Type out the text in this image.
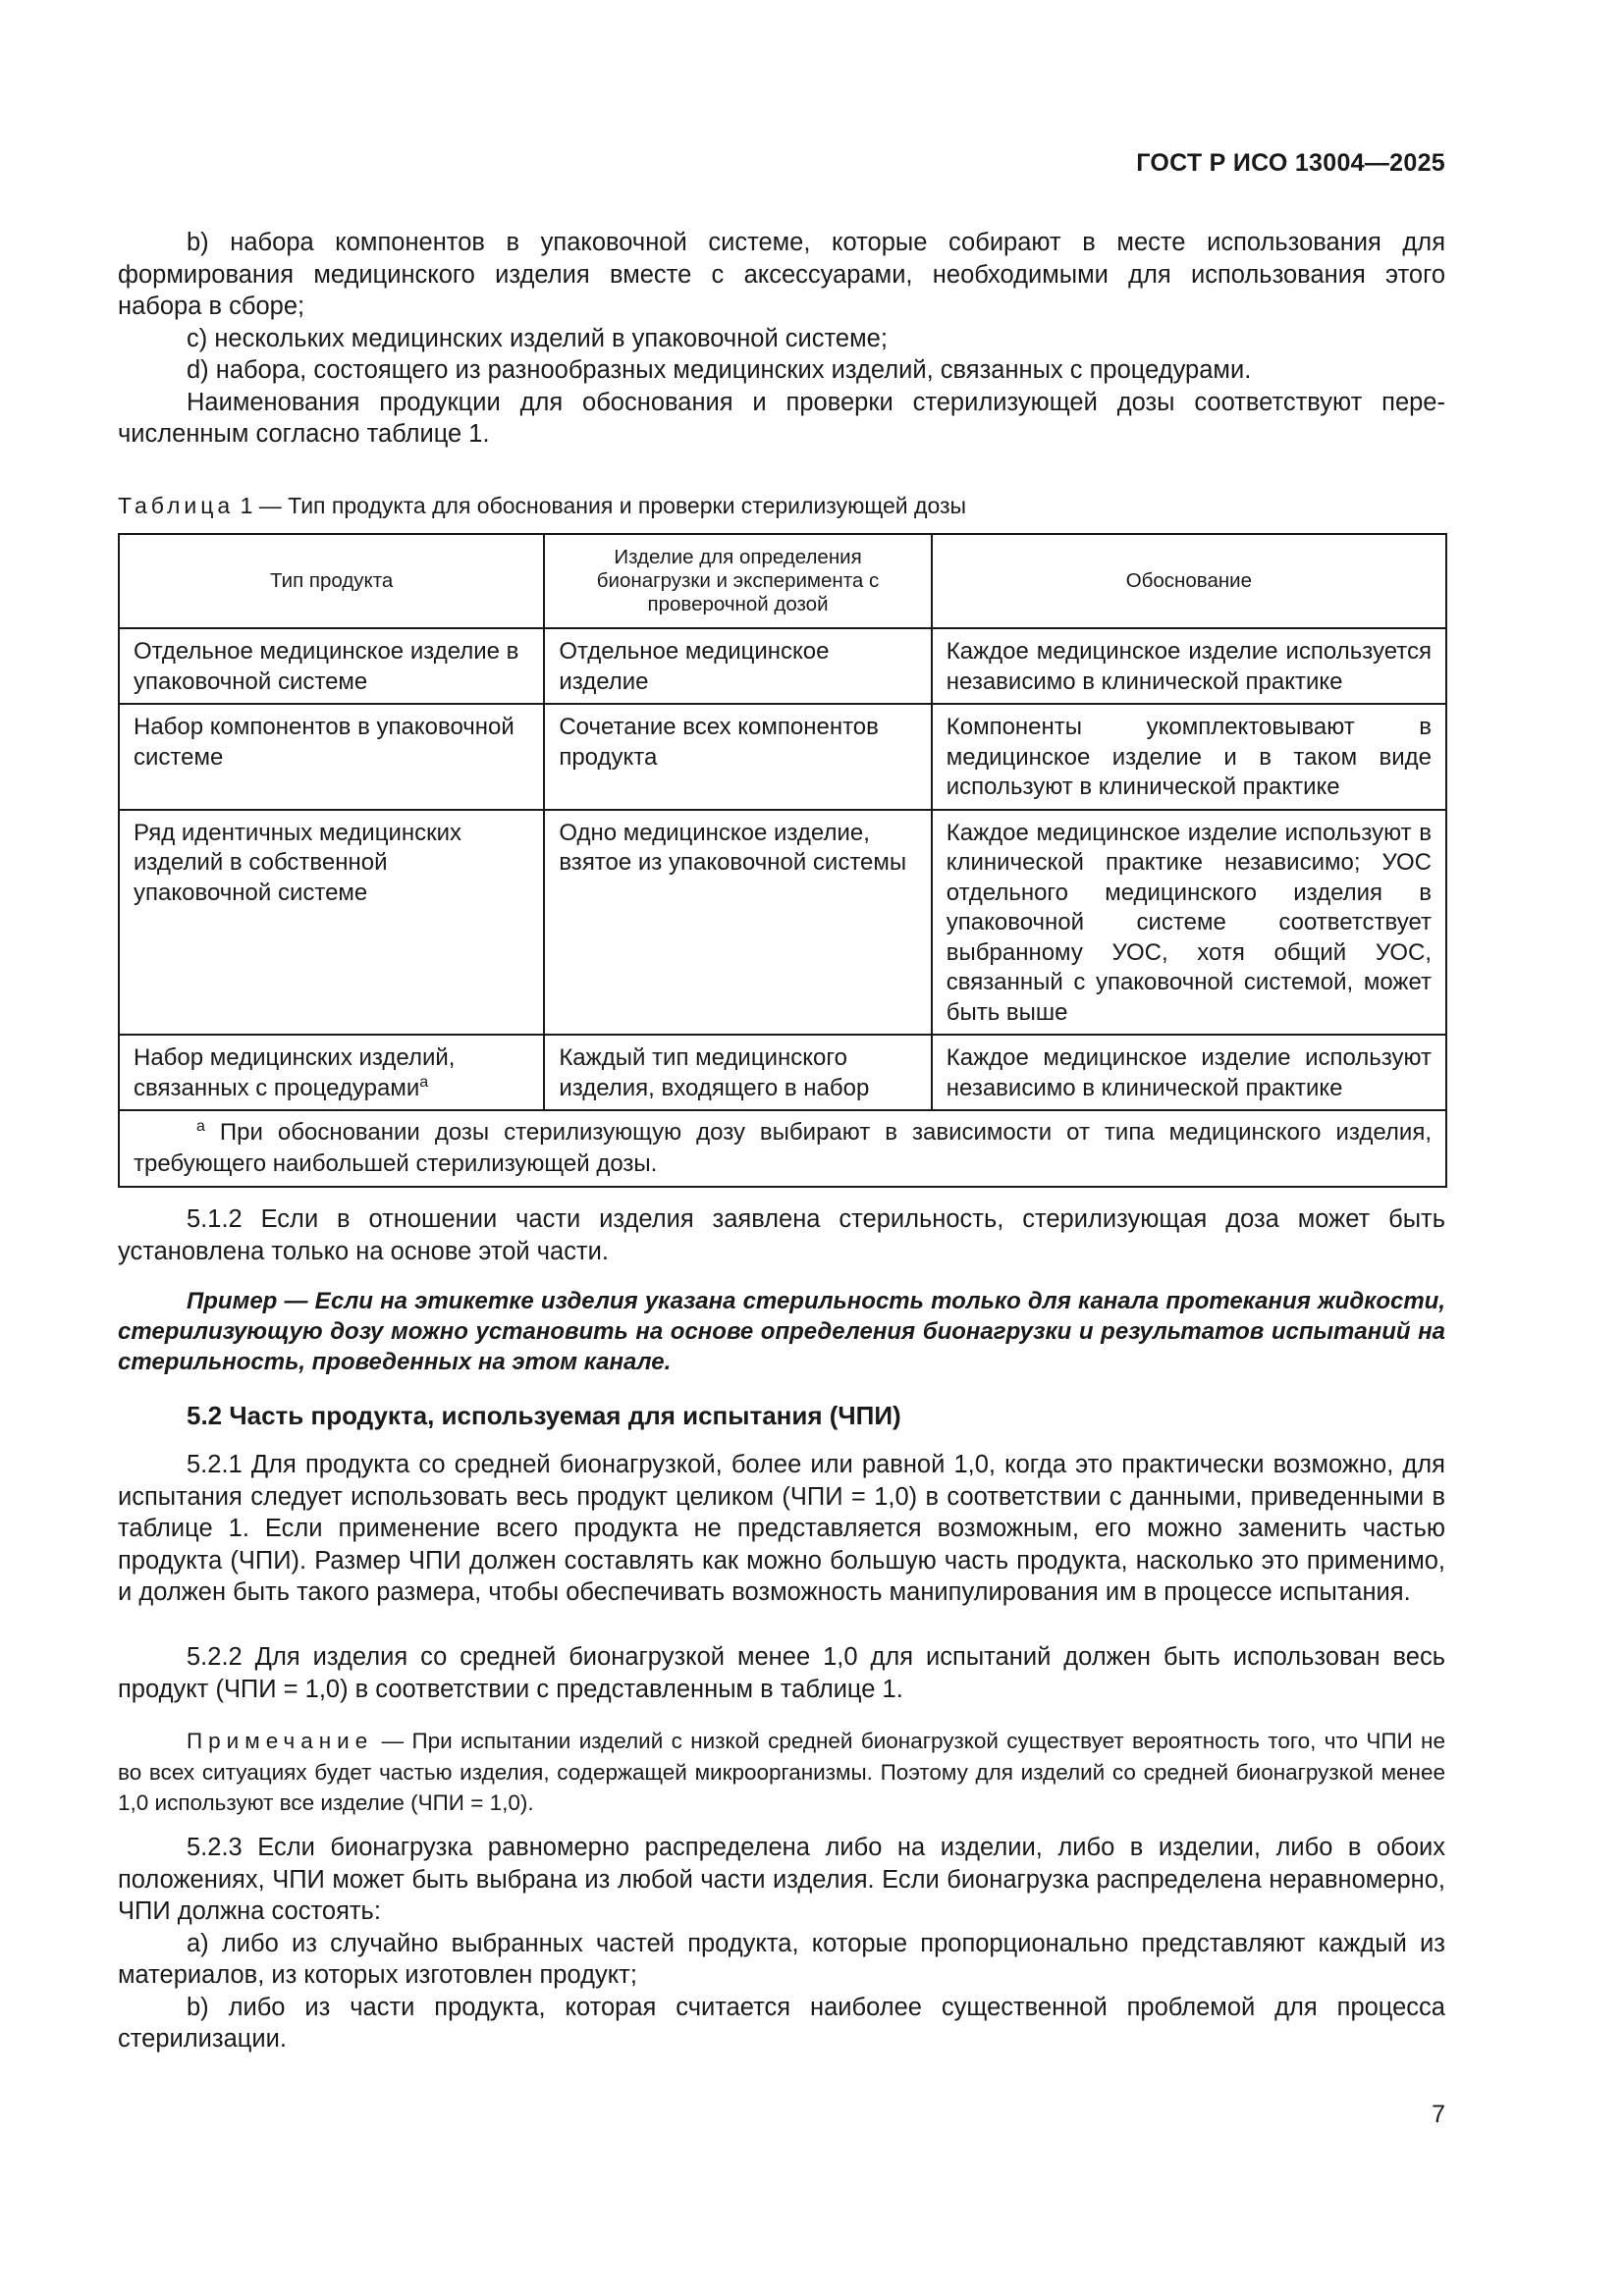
ГОСТ Р ИСО 13004—2025

b) набора компонентов в упаковочной системе, которые собирают в месте использования для

формирования медицинского изделия вместе с аксессуарами, необходимыми для использования этого

набора в сборе;

c) нескольких медицинских изделий в упаковочной системе;

d) набора, состоящего из разнообразных медицинских изделий, связанных с процедурами.

Наименования продукции для обоснования и проверки стерилизующей дозы соответствуют пере-

численным согласно таблице 1.

Таблица 1 — Тип продукта для обоснования и проверки стерилизующей дозы
Тип продукта	Изделие для определения бионагрузки и эксперимента с проверочной дозой	Обоснование
Отдельное медицинское изделие в упаковочной системе	Отдельное медицинское изделие	Каждое медицинское изделие используется независимо в клинической практике
Набор компонентов в упаковочной системе	Сочетание всех компонентов продукта	Компоненты укомплектовывают в медицинское изделие и в таком виде используют в клинической практике
Ряд идентичных медицинских изделий в собственной упаковочной системе	Одно медицинское изделие, взятое из упаковочной системы	Каждое медицинское изделие используют в клинической практике независимо; УОС отдельного медицинского изделия в упаковочной системе соответствует выбранному УОС, хотя общий УОС, связанный с упаковочной системой, может быть выше
Набор медицинских изделий, связанных с процедурами$^a$	Каждый тип медицинского изделия, входящего в набор	Каждое медицинское изделие используют независимо в клинической практике
$^a$ При обосновании дозы стерилизующую дозу выбирают в зависимости от типа медицинского изделия, требующего наибольшей стерилизующей дозы.		

5.1.2 Если в отношении части изделия заявлена стерильность, стерилизующая доза может быть установлена только на основе этой части.

Пример — Если на этикетке изделия указана стерильность только для канала протекания жидкости, стерилизующую дозу можно установить на основе определения бионагрузки и результатов испытаний на стерильность, проведенных на этом канале.

5.2 Часть продукта, используемая для испытания (ЧПИ)

5.2.1 Для продукта со средней бионагрузкой, более или равной 1,0, когда это практически возможно, для испытания следует использовать весь продукт целиком (ЧПИ = 1,0) в соответствии с данными, приведенными в таблице 1. Если применение всего продукта не представляется возможным, его можно заменить частью продукта (ЧПИ). Размер ЧПИ должен составлять как можно большую часть продукта, насколько это применимо, и должен быть такого размера, чтобы обеспечивать возможность манипулирования им в процессе испытания.

5.2.2 Для изделия со средней бионагрузкой менее 1,0 для испытаний должен быть использован весь продукт (ЧПИ = 1,0) в соответствии с представленным в таблице 1.

Примечание — При испытании изделий с низкой средней бионагрузкой существует вероятность того, что ЧПИ не во всех ситуациях будет частью изделия, содержащей микроорганизмы. Поэтому для изделий со средней бионагрузкой менее 1,0 используют все изделие (ЧПИ = 1,0).

5.2.3 Если бионагрузка равномерно распределена либо на изделии, либо в изделии, либо в обоих положениях, ЧПИ может быть выбрана из любой части изделия. Если бионагрузка распределена неравномерно, ЧПИ должна состоять:

a) либо из случайно выбранных частей продукта, которые пропорционально представляют каждый из материалов, из которых изготовлен продукт;

b) либо из части продукта, которая считается наиболее существенной проблемой для процесса стерилизации.

7
